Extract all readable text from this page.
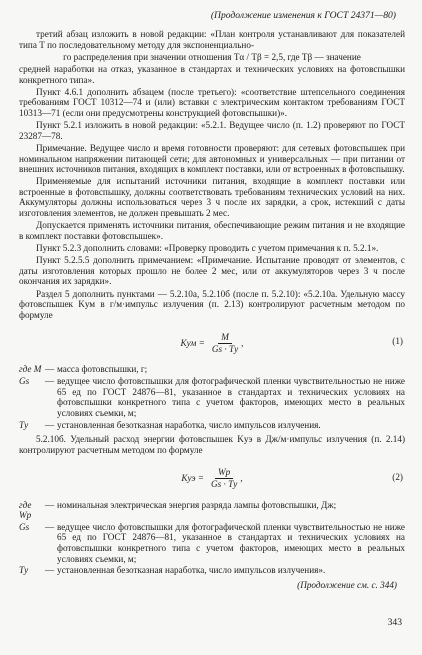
(Продолжение изменения к ГОСТ 24371—80)

третий абзац изложить в новой редакции: «План контроля устанавливают для показателей типа Т по последовательному методу для экспоненциально-

го распределения при значении отношения Tα / Tβ = 2,5, где Tβ — значение

средней наработки на отказ, указанное в стандартах и технических условиях на фотовспышки конкретного типа».

Пункт 4.6.1 дополнить абзацем (после третьего): «соответствие штепсельного соединения требованиям ГОСТ 10312—74 и (или) вставки с электрическим контактом требованиям ГОСТ 10313—71 (если они предусмотрены конструкцией фотовспышки)».

Пункт 5.2.1 изложить в новой редакции: «5.2.1. Ведущее число (п. 1.2) проверяют по ГОСТ 23287—78.

Примечание. Ведущее число и время готовности проверяют: для сетевых фотовспышек при номинальном напряжении питающей сети; для автономных и универсальных — при питании от внешних источников питания, входящих в комплект поставки, или от встроенных в фотовспышку.

Применяемые для испытаний источники питания, входящие в комплект поставки или встроенные в фотовспышку, должны соответствовать требованиям технических условий на них. Аккумуляторы должны использоваться через 3 ч после их зарядки, а срок, истекший с даты изготовления элементов, не должен превышать 2 мес.

Допускается применять источники питания, обеспечивающие режим питания и не входящие в комплект поставки фотовспышек».

Пункт 5.2.3 дополнить словами: «Проверку проводить с учетом примечания к п. 5.2.1».

Пункт 5.2.5.5 дополнить примечанием: «Примечание. Испытание проводят от элементов, с даты изготовления которых прошло не более 2 мес, или от аккумуляторов через 3 ч после окончания их зарядки».

Раздел 5 дополнить пунктами — 5.2.10а, 5.2.10б (после п. 5.2.10): «5.2.10а. Удельную массу фотовспышек Kум в г/м·импульс излучения (п. 2.13) контролируют расчетным методом по формуле

Kум = $\frac{M}{Gs \cdot Tу}$ ,	(1)
где M — масса фотовспышки, г;
Gs	— ведущее число фотовспышки для фотографической пленки чувствительностью не ниже 65 ед по ГОСТ 24876—81, указанное в стандартах и технических условиях на фотовспышки конкретного типа с учетом факторов, имеющих место в реальных условиях съемки, м;
Tу	— установленная безотказная наработка, число импульсов излучения.

5.2.10б. Удельный расход энергии фотовспышек Kуэ в Дж/м·импульс излучения (п. 2.14) контролируют расчетным методом по формуле

Kуэ = $\frac{Wp}{Gs \cdot Tу}$ ,	(2)
где Wp
— номинальная электрическая энергия разряда лампы фотовспышки, Дж;
Gs	— ведущее число фотовспышки для фотографической пленки чувствительностью не ниже 65 ед по ГОСТ 24876—81, указанное в стандартах и технических условиях на фотовспышки конкретного типа с учетом факторов, имеющих место в реальных условиях съемки, м;
Tу	— установленная безотказная наработка, число импульсов излучения».
(Продолжение см. с. 344)
343
